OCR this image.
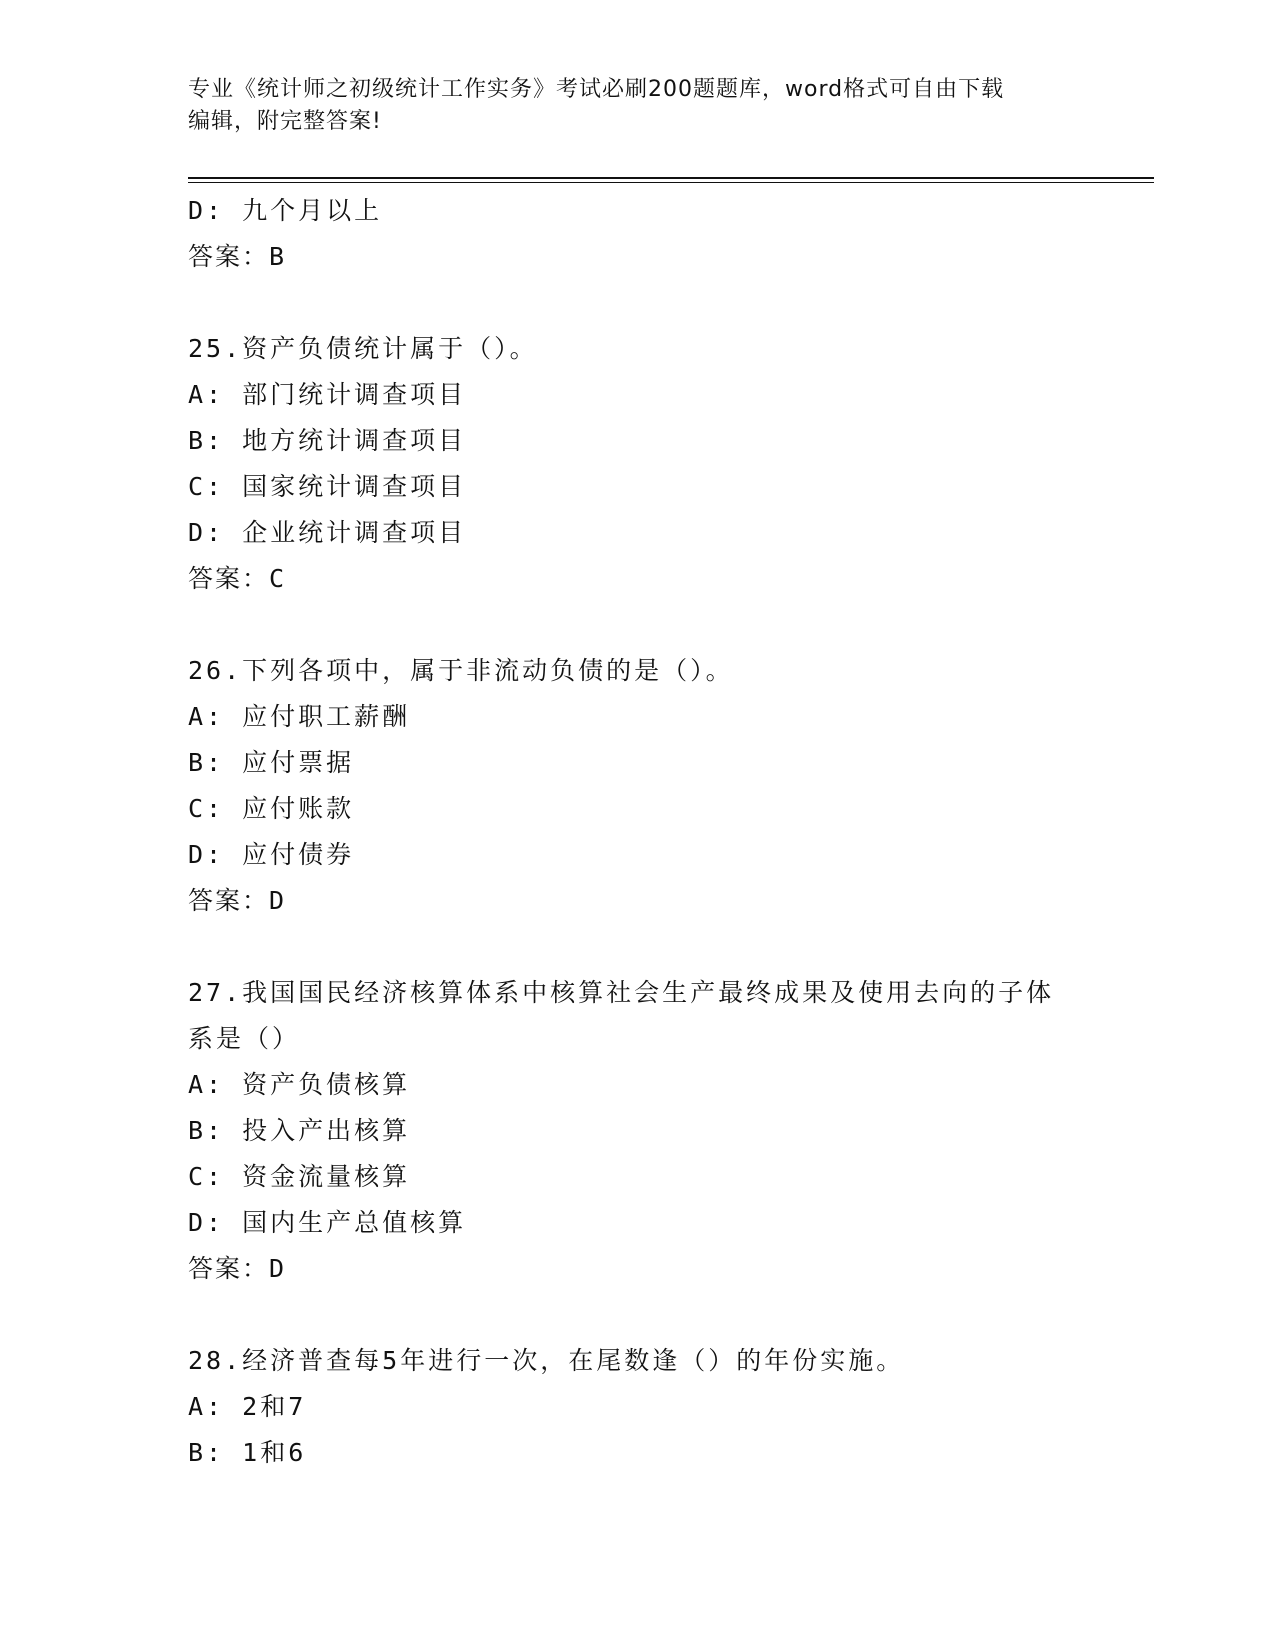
专业《统计师之初级统计工作实务》考试必刷200题题库，word格式可自由下载
编辑，附完整答案!
D: 九个月以上
答案：B
25.资产负债统计属于（）。
A: 部门统计调查项目
B: 地方统计调查项目
C: 国家统计调查项目
D: 企业统计调查项目
答案：C
26.下列各项中，属于非流动负债的是（）。
A: 应付职工薪酬
B: 应付票据
C: 应付账款
D: 应付债券
答案：D
27.我国国民经济核算体系中核算社会生产最终成果及使用去向的子体
系是（）
A: 资产负债核算
B: 投入产出核算
C: 资金流量核算
D: 国内生产总值核算
答案：D
28.经济普查每5年进行一次，在尾数逢（）的年份实施。
A: 2和7
B: 1和6
